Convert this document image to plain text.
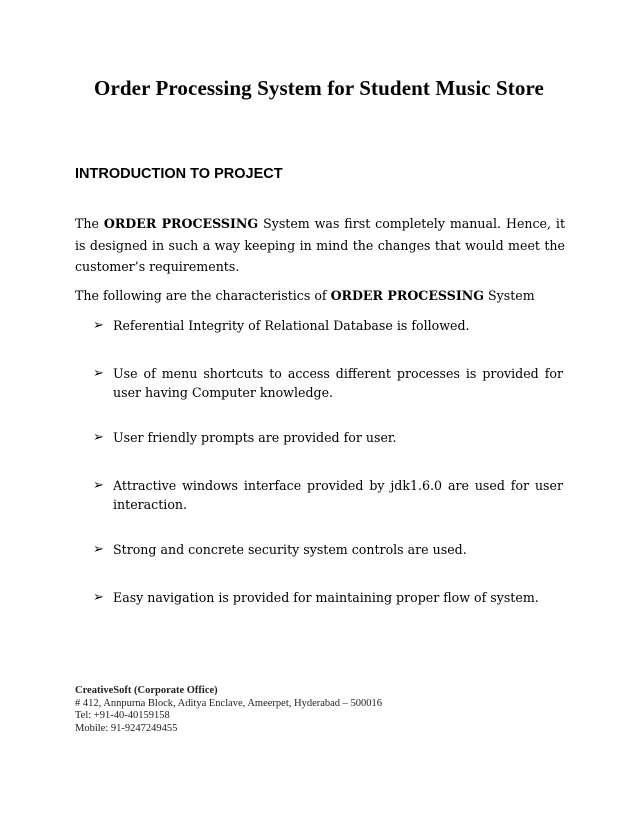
Order Processing System for Student Music Store
INTRODUCTION TO PROJECT
The ORDER PROCESSING System was first completely manual. Hence, it is designed in such a way keeping in mind the changes that would meet the customer’s requirements.
The following are the characteristics of ORDER PROCESSING System
➢ Referential Integrity of Relational Database is followed.
➢ Use of menu shortcuts to access different processes is provided for user having Computer knowledge.
➢ User friendly prompts are provided for user.
➢ Attractive windows interface provided by jdk1.6.0 are used for user interaction.
➢ Strong and concrete security system controls are used.
➢ Easy navigation is provided for maintaining proper flow of system.
CreativeSoft (Corporate Office)
# 412, Annpurna Block, Aditya Enclave, Ameerpet, Hyderabad – 500016
Tel: +91-40-40159158
Mobile: 91-9247249455
